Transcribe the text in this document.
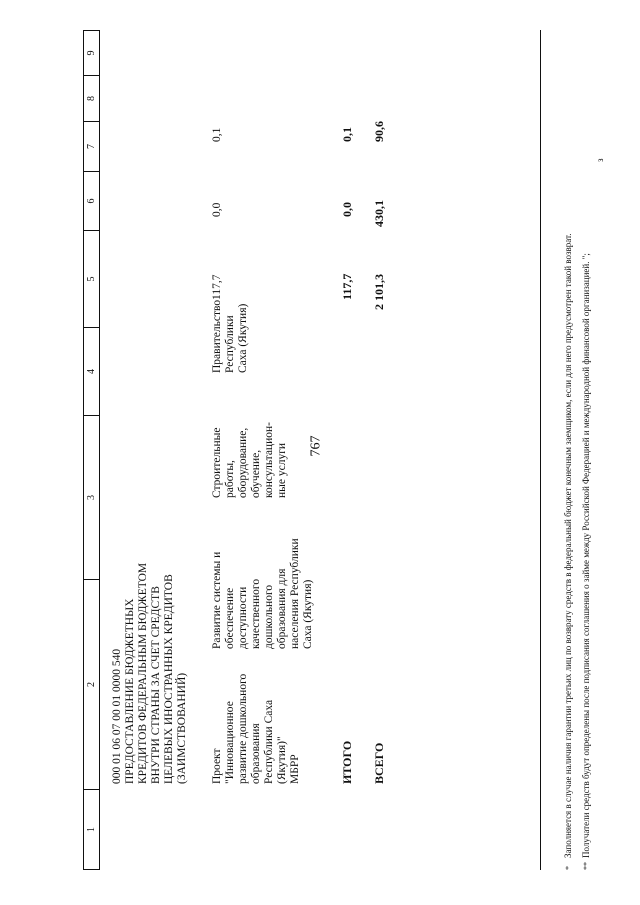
767
1
2
3
4
5
6
7
8
9
000 01 06 07 00 01 0000 540 ПРЕДОСТАВЛЕНИЕ БЮДЖЕТНЫХ КРЕДИТОВ ФЕДЕРАЛЬНЫМ БЮДЖЕТОМ ВНУТРИ СТРАНЫ ЗА СЧЕТ СРЕДСТВ ЦЕЛЕВЫХ ИНОСТРАННЫХ КРЕДИТОВ (ЗАИМСТВОВАНИЙ) Проект "Инновационное развитие дошкольного образования Республики Саха (Якутия)" МБРР
Развитие системы и обеспечение доступности качественного дошкольного образования для населения Республики Саха (Якутия)
Строительные работы, оборудование, обучение, консультацион- ные услуги
Правительство Республики Саха (Якутия)
117,7
0,0
0,1
ИТОГО
117,7
0,0
0,1
ВСЕГО
2 101,3
430,1
90,6
*
Заполняется в случае наличия гарантии третьих лиц по возврату средств в федеральный бюджет конечным заемщиком, если для него предусмотрен такой возврат.
**
Получатели средств будут определены после подписания соглашения о займе между Российской Федерацией и международной финансовой организацией. ";
з
